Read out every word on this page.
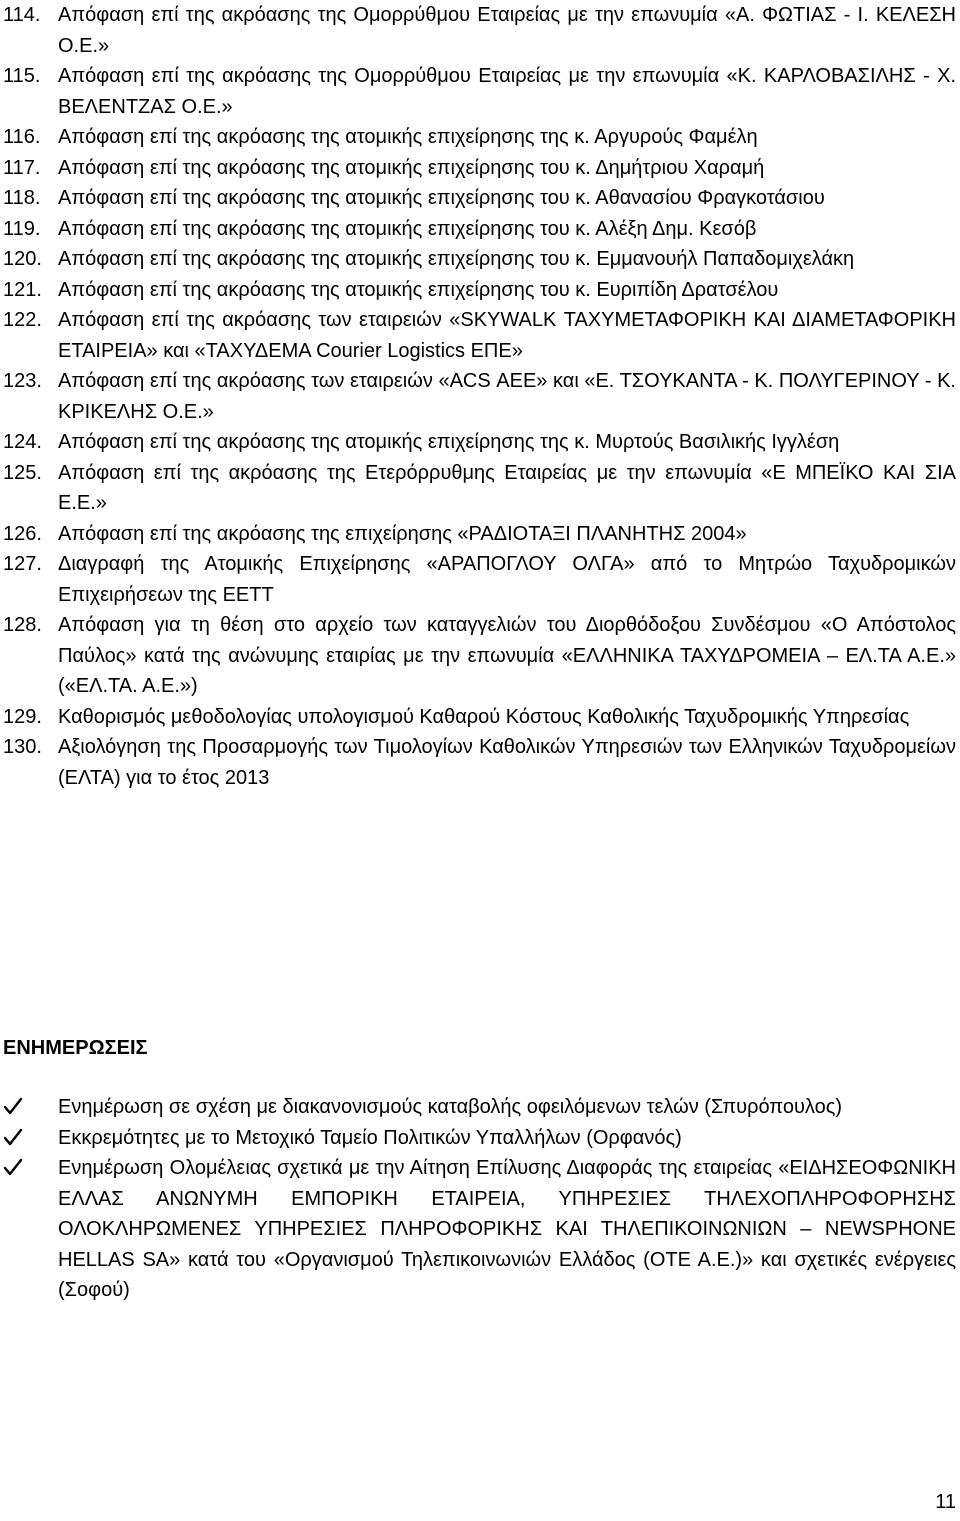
114. Απόφαση επί της ακρόασης της Ομορρύθμου Εταιρείας με την επωνυμία «Α. ΦΩΤΙΑΣ - Ι. ΚΕΛΕΣΗ Ο.Ε.»
115. Απόφαση επί της ακρόασης της Ομορρύθμου Εταιρείας με την επωνυμία «Κ. ΚΑΡΛΟΒΑΣΙΛΗΣ - Χ. ΒΕΛΕΝΤΖΑΣ Ο.Ε.»
116. Απόφαση επί της ακρόασης της ατομικής επιχείρησης της κ. Αργυρούς Φαμέλη
117. Απόφαση επί της ακρόασης της ατομικής επιχείρησης του κ. Δημήτριου Χαραμή
118. Απόφαση επί της ακρόασης της ατομικής επιχείρησης του κ. Αθανασίου Φραγκοτάσιου
119. Απόφαση επί της ακρόασης της ατομικής επιχείρησης του κ. Αλέξη Δημ. Κεσόβ
120. Απόφαση επί της ακρόασης της ατομικής επιχείρησης του κ. Εμμανουήλ Παπαδομιχελάκη
121. Απόφαση επί της ακρόασης της ατομικής επιχείρησης του κ. Ευριπίδη Δρατσέλου
122. Απόφαση επί της ακρόασης των εταιρειών «SKYWALK ΤΑΧΥΜΕΤΑΦΟΡΙΚΗ ΚΑΙ ΔΙΑΜΕΤΑΦΟΡΙΚΗ ΕΤΑΙΡΕΙΑ» και «ΤΑΧΥΔΕΜΑ Courier Logistics ΕΠΕ»
123. Απόφαση επί της ακρόασης των εταιρειών «ACS ΑΕΕ» και «Ε. ΤΣΟΥΚΑΝΤΑ - Κ. ΠΟΛΥΓΕΡΙΝΟΥ - Κ. ΚΡΙΚΕΛΗΣ Ο.Ε.»
124. Απόφαση επί της ακρόασης της ατομικής επιχείρησης της κ. Μυρτούς Βασιλικής Ιγγλέση
125. Απόφαση επί της ακρόασης της Ετερόρρυθμης Εταιρείας με την επωνυμία «Ε ΜΠΕΪΚΟ ΚΑΙ ΣΙΑ Ε.Ε.»
126. Απόφαση επί της ακρόασης της επιχείρησης «ΡΑΔΙΟΤΑΞΙ ΠΛΑΝΗΤΗΣ 2004»
127. Διαγραφή της Ατομικής Επιχείρησης «ΑΡΑΠΟΓΛΟΥ ΟΛΓΑ» από το Μητρώο Ταχυδρομικών Επιχειρήσεων της ΕΕΤΤ
128. Απόφαση για τη θέση στο αρχείο των καταγγελιών του Διορθόδοξου Συνδέσμου «Ο Απόστολος Παύλος» κατά της ανώνυμης εταιρίας με την επωνυμία «ΕΛΛΗΝΙΚΑ ΤΑΧΥΔΡΟΜΕΙΑ – ΕΛ.ΤΑ Α.Ε.» («ΕΛ.ΤΑ. Α.Ε.»)
129. Καθορισμός μεθοδολογίας υπολογισμού Καθαρού Κόστους Καθολικής Ταχυδρομικής Υπηρεσίας
130. Αξιολόγηση της Προσαρμογής των Τιμολογίων Καθολικών Υπηρεσιών των Ελληνικών Ταχυδρομείων (ΕΛΤΑ) για το έτος 2013
ΕΝΗΜΕΡΩΣΕΙΣ
Ενημέρωση σε σχέση με διακανονισμούς καταβολής οφειλόμενων τελών (Σπυρόπουλος)
Εκκρεμότητες με το Μετοχικό Ταμείο Πολιτικών Υπαλλήλων (Ορφανός)
Ενημέρωση Ολομέλειας σχετικά με την Αίτηση Επίλυσης Διαφοράς της εταιρείας «ΕΙΔΗΣΕΟΦΩΝΙΚΗ ΕΛΛΑΣ ΑΝΩΝΥΜΗ ΕΜΠΟΡΙΚΗ ΕΤΑΙΡΕΙΑ, ΥΠΗΡΕΣΙΕΣ ΤΗΛΕΧΟΠΛΗΡΟΦΟΡΗΣΗΣ ΟΛΟΚΛΗΡΩΜΕΝΕΣ ΥΠΗΡΕΣΙΕΣ ΠΛΗΡΟΦΟΡΙΚΗΣ ΚΑΙ ΤΗΛΕΠΙΚΟΙΝΩΝΙΩΝ – NEWSPHONE HELLAS SA» κατά του «Οργανισμού Τηλεπικοινωνιών Ελλάδος (ΟΤΕ Α.Ε.)» και σχετικές ενέργειες (Σοφού)
11
